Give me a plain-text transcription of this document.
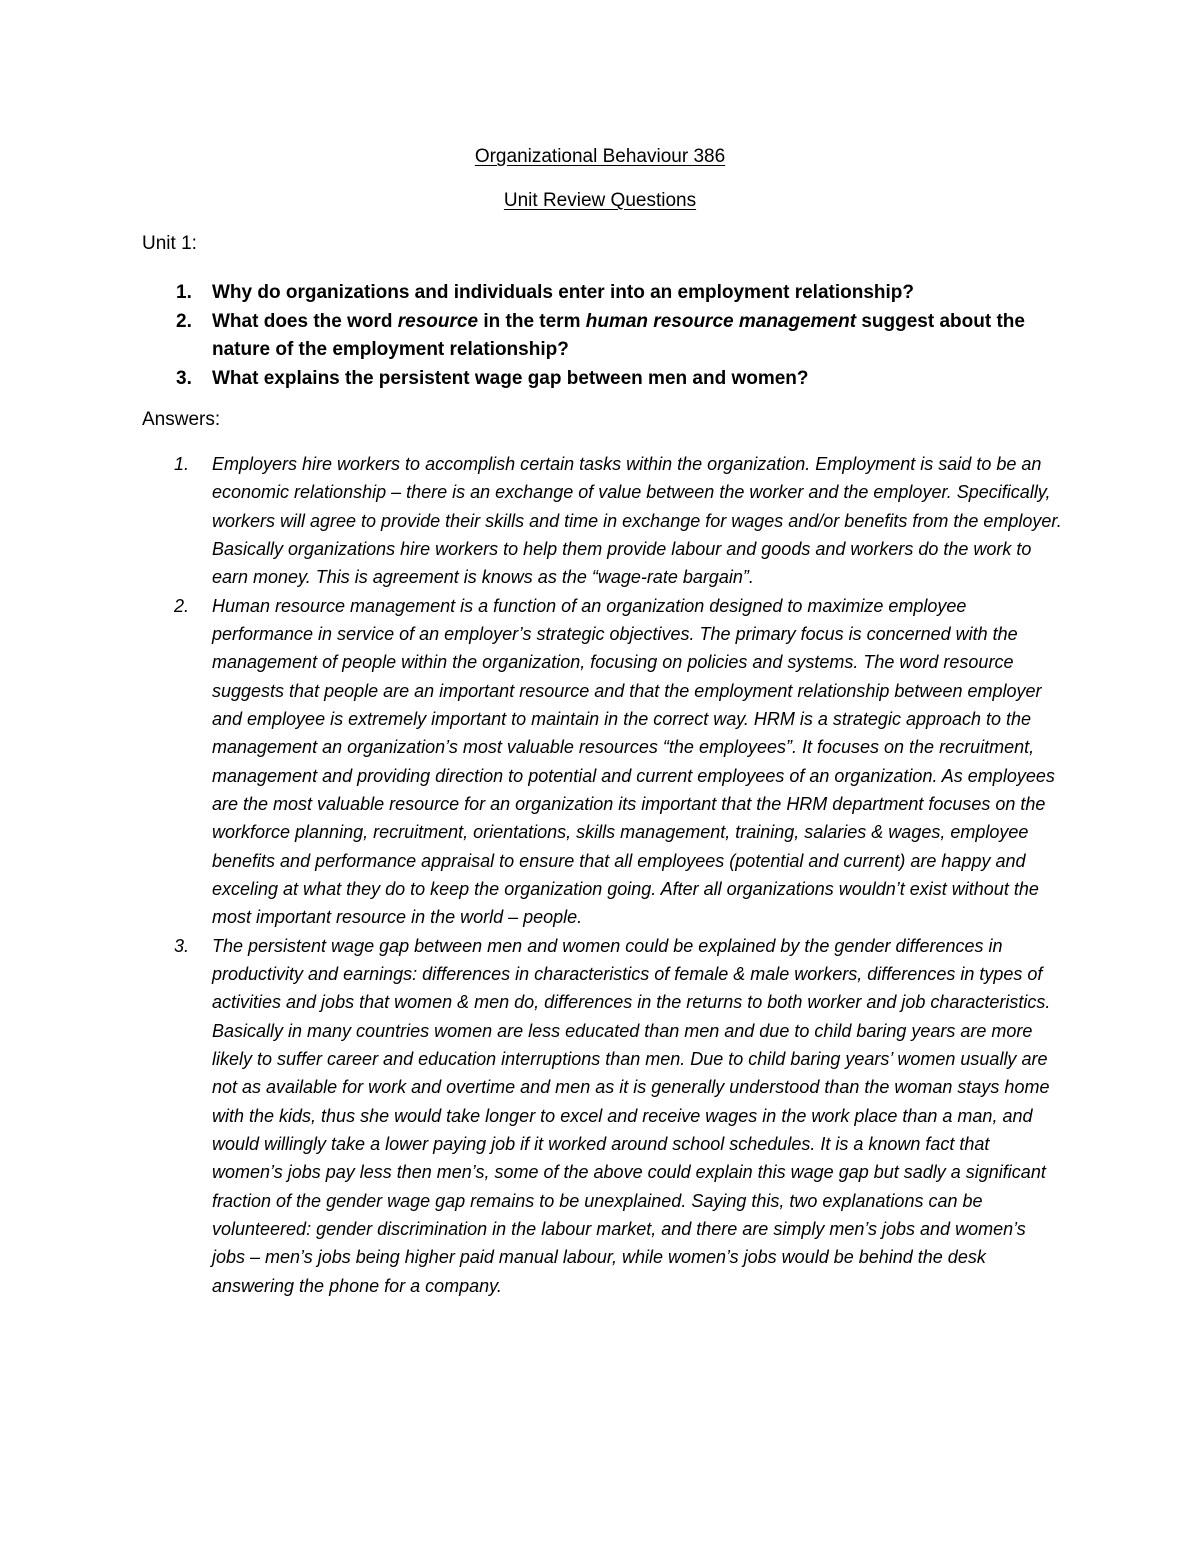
Organizational Behaviour 386
Unit Review Questions
Unit 1:
1. Why do organizations and individuals enter into an employment relationship?
2. What does the word resource in the term human resource management suggest about the nature of the employment relationship?
3. What explains the persistent wage gap between men and women?
Answers:
1. Employers hire workers to accomplish certain tasks within the organization. Employment is said to be an economic relationship – there is an exchange of value between the worker and the employer. Specifically, workers will agree to provide their skills and time in exchange for wages and/or benefits from the employer. Basically organizations hire workers to help them provide labour and goods and workers do the work to earn money. This is agreement is knows as the “wage-rate bargain”.
2. Human resource management is a function of an organization designed to maximize employee performance in service of an employer’s strategic objectives. The primary focus is concerned with the management of people within the organization, focusing on policies and systems. The word resource suggests that people are an important resource and that the employment relationship between employer and employee is extremely important to maintain in the correct way. HRM is a strategic approach to the management an organization’s most valuable resources “the employees”. It focuses on the recruitment, management and providing direction to potential and current employees of an organization. As employees are the most valuable resource for an organization its important that the HRM department focuses on the workforce planning, recruitment, orientations, skills management, training, salaries & wages, employee benefits and performance appraisal to ensure that all employees (potential and current) are happy and exceling at what they do to keep the organization going. After all organizations wouldn’t exist without the most important resource in the world – people.
3. The persistent wage gap between men and women could be explained by the gender differences in productivity and earnings: differences in characteristics of female & male workers, differences in types of activities and jobs that women & men do, differences in the returns to both worker and job characteristics. Basically in many countries women are less educated than men and due to child baring years are more likely to suffer career and education interruptions than men. Due to child baring years’ women usually are not as available for work and overtime and men as it is generally understood than the woman stays home with the kids, thus she would take longer to excel and receive wages in the work place than a man, and would willingly take a lower paying job if it worked around school schedules. It is a known fact that women’s jobs pay less then men’s, some of the above could explain this wage gap but sadly a significant fraction of the gender wage gap remains to be unexplained. Saying this, two explanations can be volunteered: gender discrimination in the labour market, and there are simply men’s jobs and women’s jobs – men’s jobs being higher paid manual labour, while women’s jobs would be behind the desk answering the phone for a company.
